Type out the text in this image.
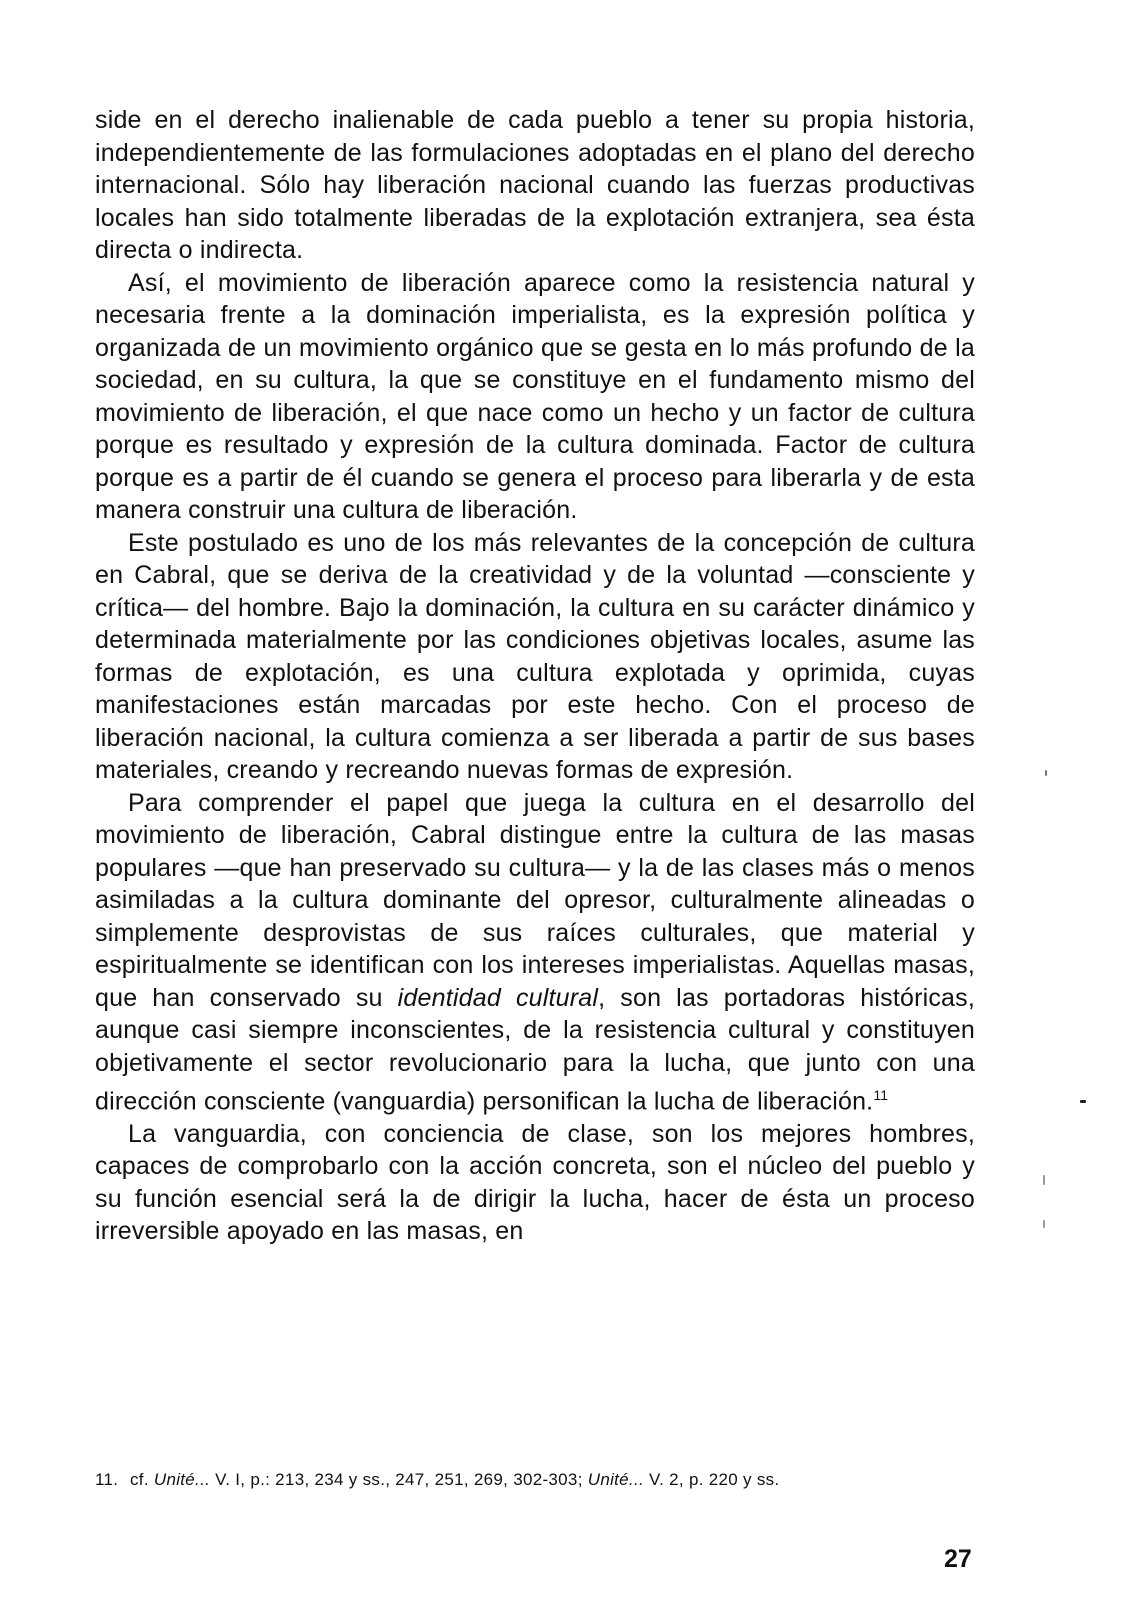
side en el derecho inalienable de cada pueblo a tener su propia historia, independientemente de las formulaciones adoptadas en el plano del derecho internacional. Sólo hay liberación nacional cuando las fuerzas productivas locales han sido totalmente liberadas de la explotación extranjera, sea ésta directa o indirecta.

Así, el movimiento de liberación aparece como la resistencia natural y necesaria frente a la dominación imperialista, es la expresión política y organizada de un movimiento orgánico que se gesta en lo más profundo de la sociedad, en su cultura, la que se constituye en el fundamento mismo del movimiento de liberación, el que nace como un hecho y un factor de cultura porque es resultado y expresión de la cultura dominada. Factor de cultura porque es a partir de él cuando se genera el proceso para liberarla y de esta manera construir una cultura de liberación.

Este postulado es uno de los más relevantes de la concepción de cultura en Cabral, que se deriva de la creatividad y de la voluntad —consciente y crítica— del hombre. Bajo la dominación, la cultura en su carácter dinámico y determinada materialmente por las condiciones objetivas locales, asume las formas de explotación, es una cultura explotada y oprimida, cuyas manifestaciones están marcadas por este hecho. Con el proceso de liberación nacional, la cultura comienza a ser liberada a partir de sus bases materiales, creando y recreando nuevas formas de expresión.

Para comprender el papel que juega la cultura en el desarrollo del movimiento de liberación, Cabral distingue entre la cultura de las masas populares —que han preservado su cultura— y la de las clases más o menos asimiladas a la cultura dominante del opresor, culturalmente alineadas o simplemente desprovistas de sus raíces culturales, que material y espiritualmente se identifican con los intereses imperialistas. Aquellas masas, que han conservado su identidad cultural, son las portadoras históricas, aunque casi siempre inconscientes, de la resistencia cultural y constituyen objetivamente el sector revolucionario para la lucha, que junto con una dirección consciente (vanguardia) personifican la lucha de liberación.$^{11}$

La vanguardia, con conciencia de clase, son los mejores hombres, capaces de comprobarlo con la acción concreta, son el núcleo del pueblo y su función esencial será la de dirigir la lucha, hacer de ésta un proceso irreversible apoyado en las masas, en

11. cf. Unité... V. I, p.: 213, 234 y ss., 247, 251, 269, 302-303; Unité... V. 2, p. 220 y ss.
27
